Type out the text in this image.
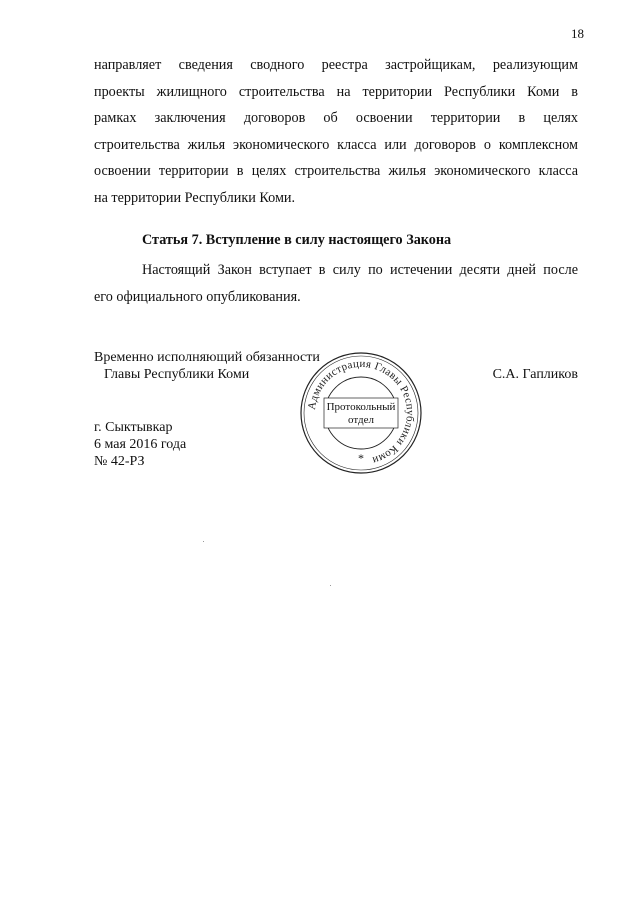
18
направляет сведения сводного реестра застройщикам, реализующим
проекты жилищного строительства на территории Республики Коми в
рамках заключения договоров об освоении территории в целях
строительства жилья экономического класса или договоров о комплексном
освоении территории в целях строительства жилья экономического класса
на территории Республики Коми.
Статья 7. Вступление в силу настоящего Закона
Настоящий Закон вступает в силу по истечении десяти дней после
его официального опубликования.
Временно исполняющий обязанности
Главы Республики Коми	С.А. Гапликов
Администрация Главы Республики Коми
Протокольный
отдел
*
г. Сыктывкар
6 мая 2016 года
№ 42-РЗ
